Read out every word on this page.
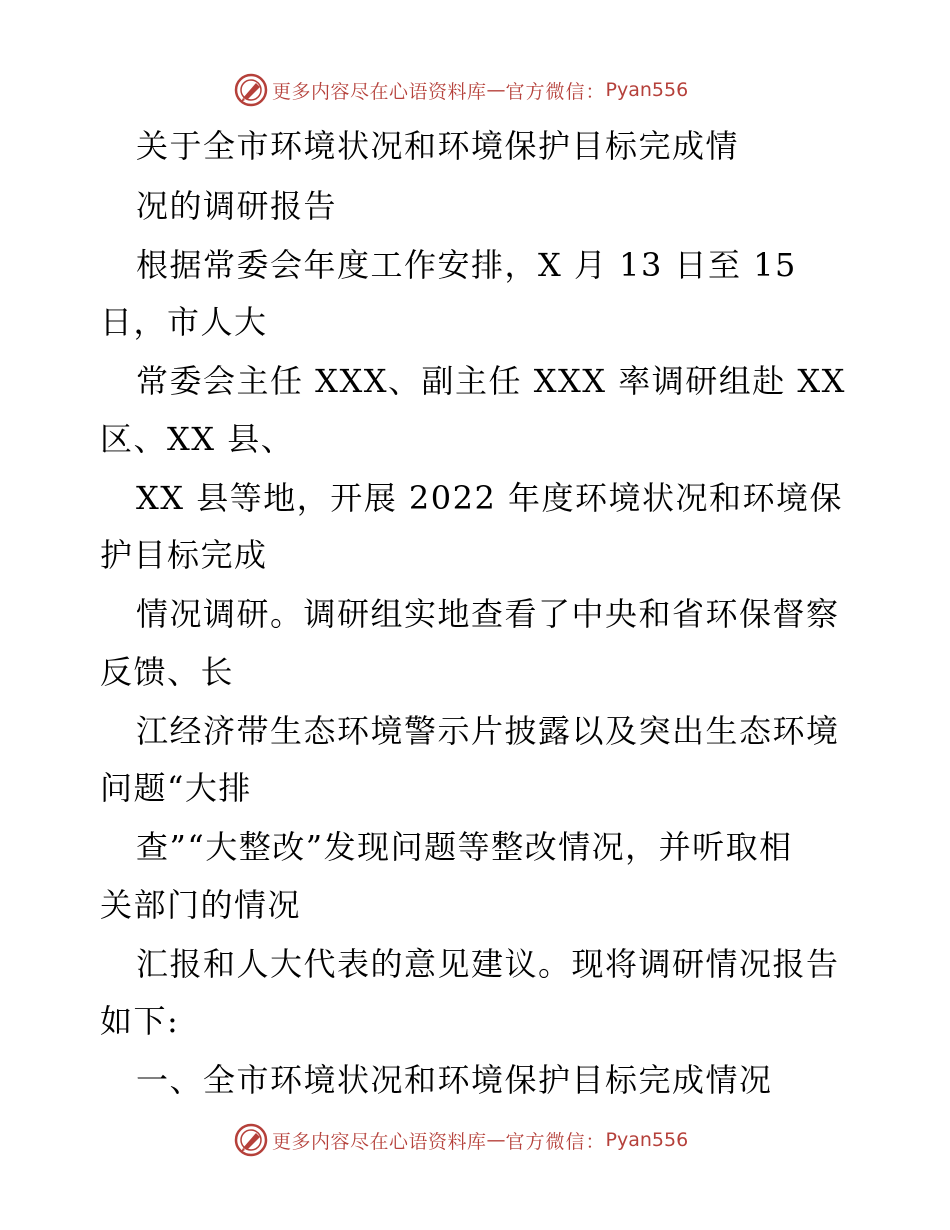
更多内容尽在心语资料库 — 官方微信： Pyan556

关于全市环境状况和环境保护目标完成情

况的调研报告

根据常委会年度工作安排，X 月 13 日至 15

日，市人大

常委会主任 XXX、副主任 XXX 率调研组赴 XX

区、XX 县、

XX 县等地，开展 2022 年度环境状况和环境保

护目标完成

情况调研。调研组实地查看了中央和省环保督察

反馈、长

江经济带生态环境警示片披露以及突出生态环境

问题“大排

查”“大整改”发现问题等整改情况，并听取相

关部门的情况

汇报和人大代表的意见建议。现将调研情况报告

如下:

一、全市环境状况和环境保护目标完成情况

更多内容尽在心语资料库 — 官方微信： Pyan556
